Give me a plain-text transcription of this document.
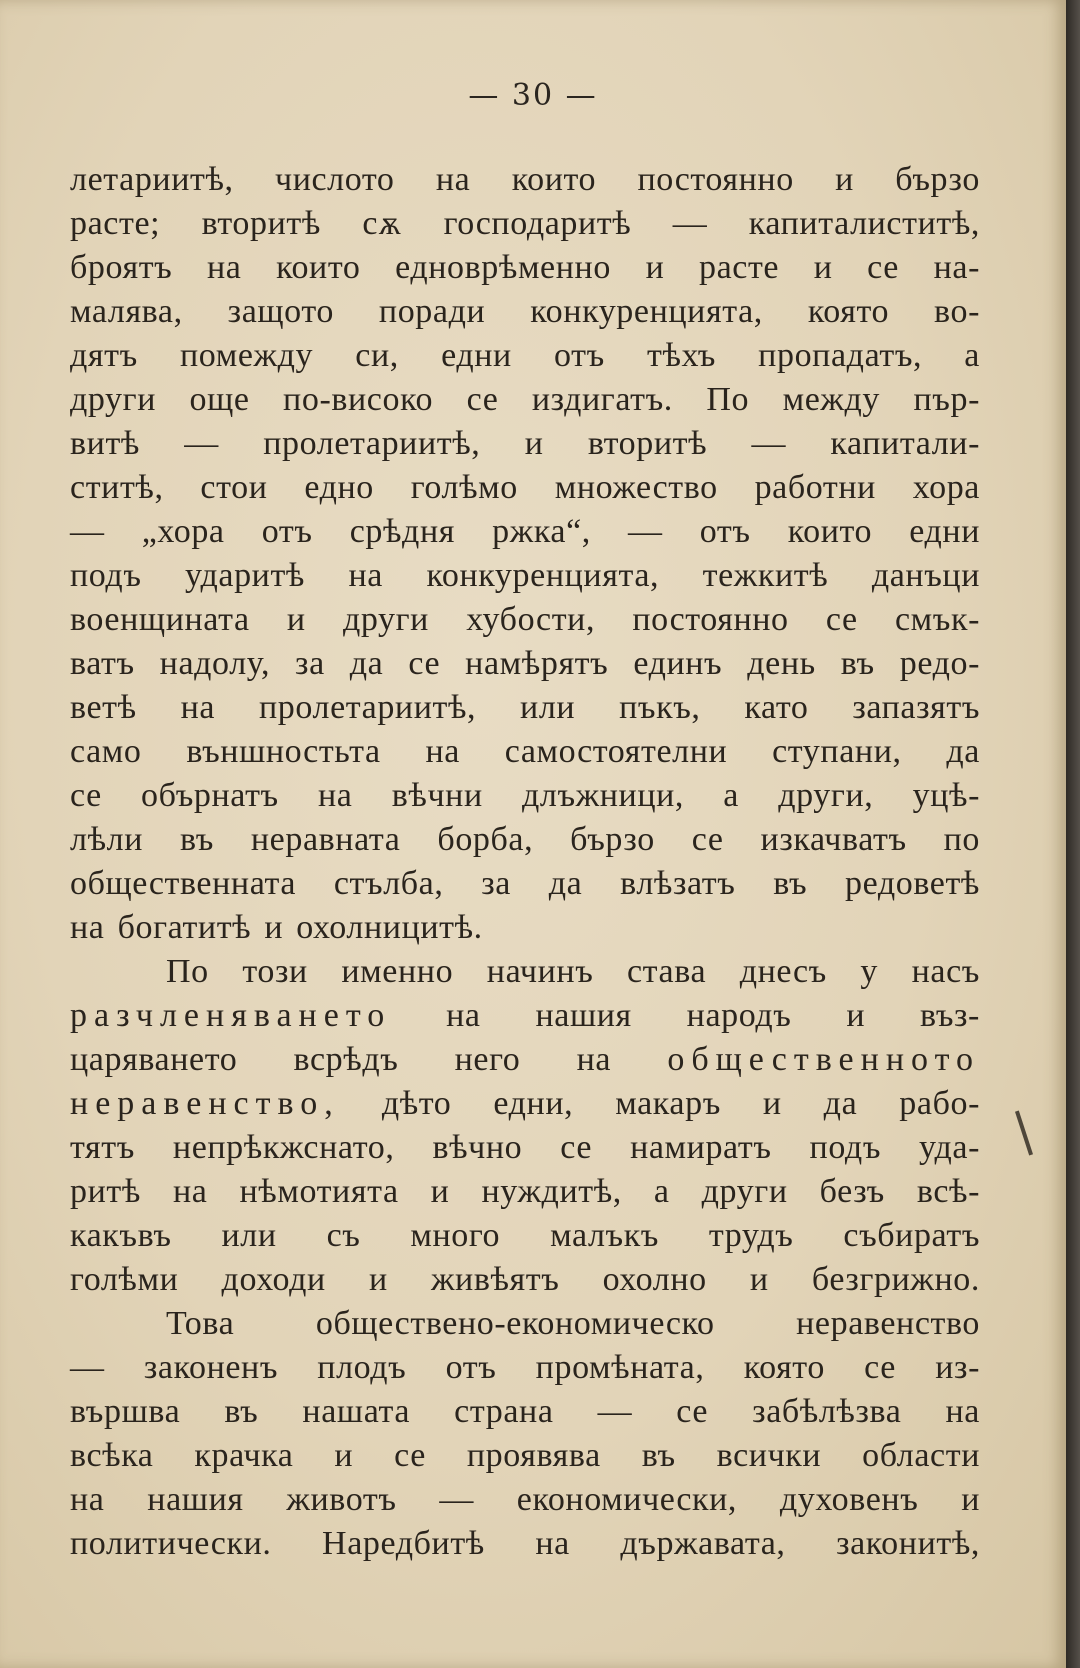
— 30 —
летариитѣ, числото на които постоянно и бързо
расте; вторитѣ сѫ господаритѣ — капиталиститѣ,
броятъ на които едноврѣменно и расте и се на-
малява, защото поради конкуренцията, която во-
дятъ помежду си, едни отъ тѣхъ пропадатъ, а
други още по-високо се издигатъ. По между пър-
витѣ — пролетариитѣ, и вторитѣ — капитали-
ститѣ, стои едно голѣмо множество работни хора
— „хора отъ срѣдня ржка“, — отъ които едни
подъ ударитѣ на конкуренцията, тежкитѣ данъци
военщината и други хубости, постоянно се смък-
ватъ надолу, за да се намѣрятъ единъ день въ редо-
ветѣ на пролетариитѣ, или пъкъ, като запазятъ
само външностьта на самостоятелни ступани, да
се обърнатъ на вѣчни длъжници, а други, уцѣ-
лѣли въ неравната борба, бързо се изкачватъ по
общественната стълба, за да влѣзатъ въ редоветѣ
на богатитѣ и охолницитѣ.
По този именно начинъ става днесъ у насъ
разчленяването на нашия народъ и въз-
царяването всрѣдъ него на общественното
неравенство, дѣто едни, макаръ и да рабо-
тятъ непрѣкжснато, вѣчно се намиратъ подъ уда-
ритѣ на нѣмотията и нуждитѣ, а други безъ всѣ-
какъвъ или съ много малъкъ трудъ събиратъ
голѣми доходи и живѣятъ охолно и безгрижно.
Това обществено-економическо неравенство
— законенъ плодъ отъ промѣната, която се из-
вършва въ нашата страна — се забѣлѣзва на
всѣка крачка и се проявява въ всички области
на нашия животъ — економически, духовенъ и
политически. Наредбитѣ на държавата, законитѣ,
